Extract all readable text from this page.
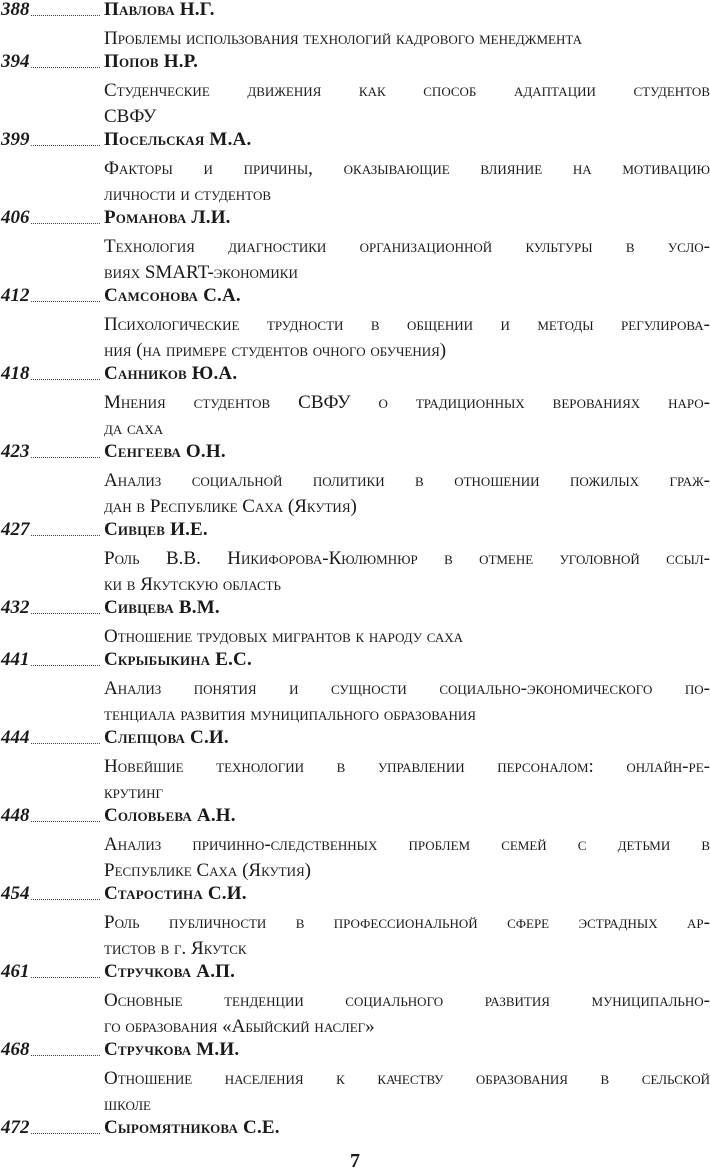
388	Павлова Н.Г.
Проблемы использования технологий кадрового менеджмента
394	Попов Н.Р.
Студенческие движения как способ адаптации студентов
СВФУ
399	Посельская М.А.
Факторы и причины, оказывающие влияние на мотивацию
личности и студентов
406	Романова Л.И.
Технология диагностики организационной культуры в усло-
виях SMART-экономики
412	Самсонова С.А.
Психологические трудности в общении и методы регулирова-
ния (на примере студентов очного обучения)
418	Санников Ю.А.
Мнения студентов СВФУ о традиционных верованиях наро-
да саха
423	Сенгеева О.Н.
Анализ социальной политики в отношении пожилых граж-
дан в Республике Саха (Якутия)
427	Сивцев И.Е.
Роль В.В. Никифорова-Кюлюмнюр в отмене уголовной ссыл-
ки в Якутскую область
432	Сивцева В.М.
Отношение трудовых мигрантов к народу саха
441	Скрыбыкина Е.С.
Анализ понятия и сущности социально-экономического по-
тенциала развития муниципального образования
444	Слепцова С.И.
Новейшие технологии в управлении персоналом: онлайн-ре-
крутинг
448	Соловьева А.Н.
Анализ причинно-следственных проблем семей с детьми в
Республике Саха (Якутия)
454	Старостина С.И.
Роль публичности в профессиональной сфере эстрадных ар-
тистов в г. Якутск
461	Стручкова А.П.
Основные тенденции социального развития муниципально-
го образования «Абыйский наслег»
468	Стручкова М.И.
Отношение населения к качеству образования в сельской
школе
472	Сыромятникова С.Е.
7
